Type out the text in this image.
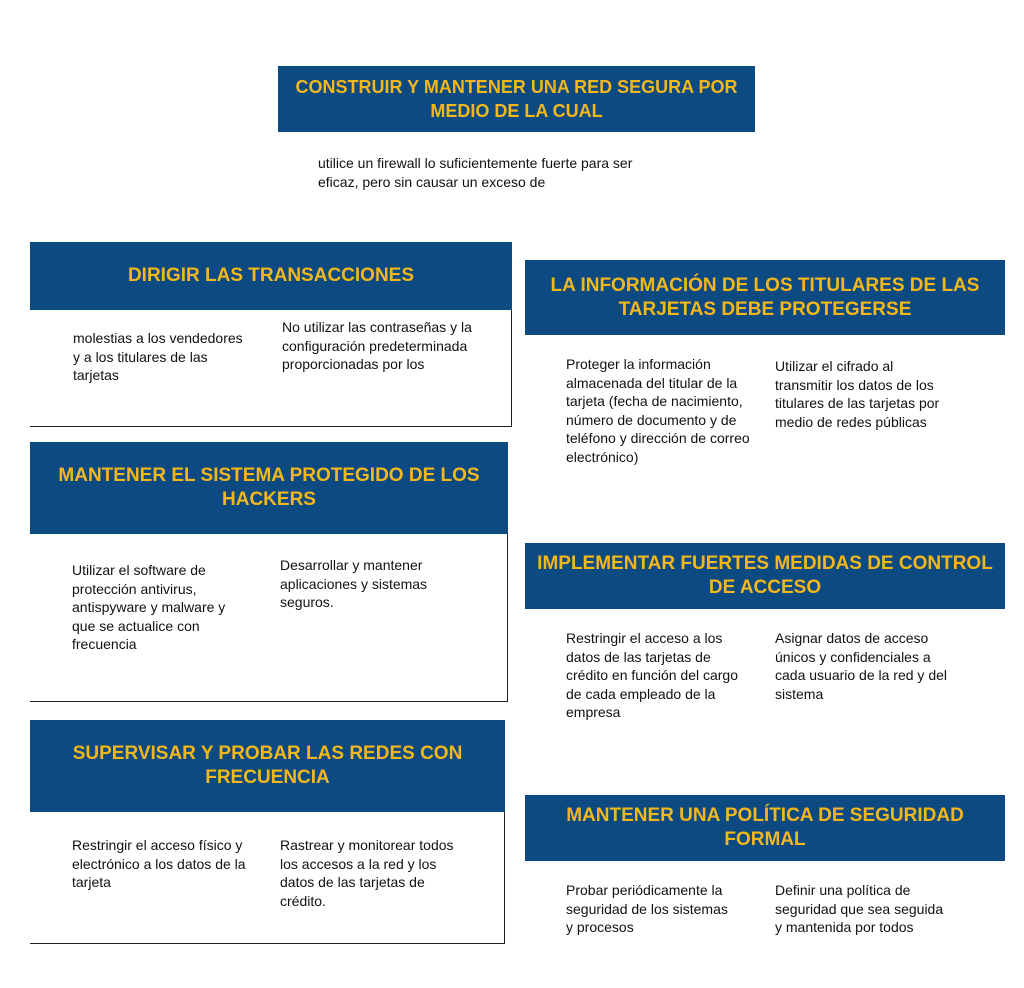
CONSTRUIR Y MANTENER UNA RED SEGURA POR MEDIO DE LA CUAL
utilice un firewall lo suficientemente fuerte para ser eficaz, pero sin causar un exceso de
DIRIGIR LAS TRANSACCIONES
molestias a los vendedores y a los titulares de las tarjetas
No utilizar las contraseñas y la configuración predeterminada proporcionadas por los
MANTENER EL SISTEMA PROTEGIDO DE LOS HACKERS
Utilizar el software de protección antivirus, antispyware y malware y que se actualice con frecuencia
Desarrollar y mantener aplicaciones y sistemas seguros.
SUPERVISAR Y PROBAR LAS REDES CON FRECUENCIA
Restringir el acceso físico y electrónico a los datos de la tarjeta
Rastrear y monitorear todos los accesos a la red y los datos de las tarjetas de crédito.
LA INFORMACIÓN DE LOS TITULARES DE LAS TARJETAS DEBE PROTEGERSE
Proteger la información almacenada del titular de la tarjeta (fecha de nacimiento, número de documento y de teléfono y dirección de correo electrónico)
Utilizar el cifrado al transmitir los datos de los titulares de las tarjetas por medio de redes públicas
IMPLEMENTAR FUERTES MEDIDAS DE CONTROL DE ACCESO
Restringir el acceso a los datos de las tarjetas de crédito en función del cargo de cada empleado de la empresa
Asignar datos de acceso únicos y confidenciales a cada usuario de la red y del sistema
MANTENER UNA POLÍTICA DE SEGURIDAD FORMAL
Probar periódicamente la seguridad de los sistemas y procesos
Definir una política de seguridad que sea seguida y mantenida por todos
